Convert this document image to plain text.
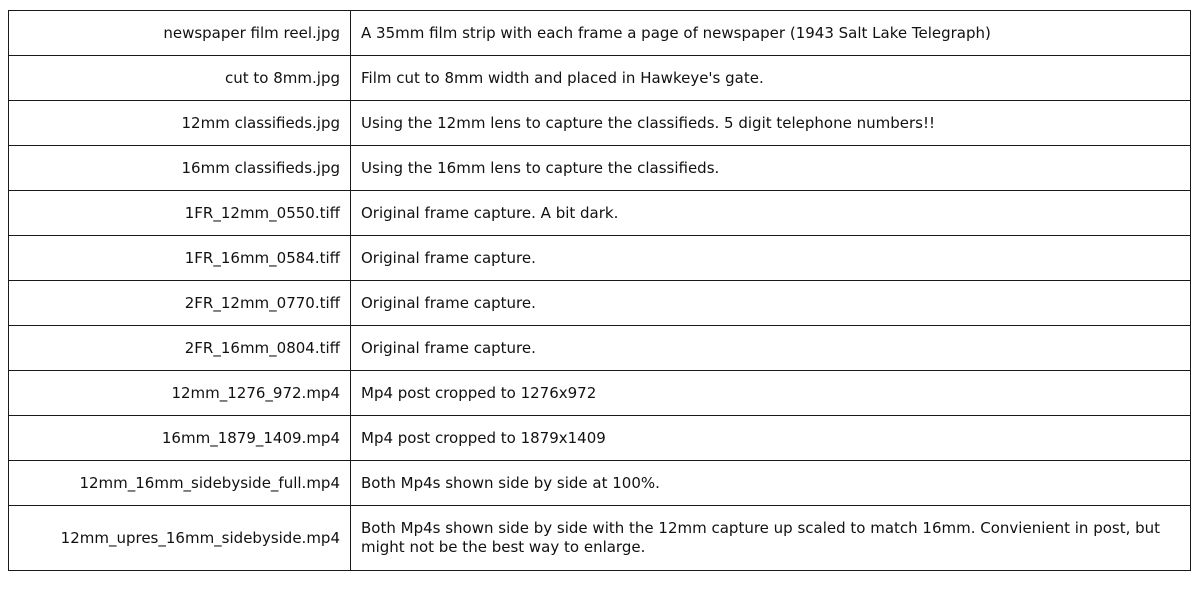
newspaper film reel.jpg	A 35mm film strip with each frame a page of newspaper (1943 Salt Lake Telegraph)
cut to 8mm.jpg	Film cut to 8mm width and placed in Hawkeye's gate.
12mm classifieds.jpg	Using the 12mm lens to capture the classifieds. 5 digit telephone numbers!!
16mm classifieds.jpg	Using the 16mm lens to capture the classifieds.
1FR_12mm_0550.tiff	Original frame capture. A bit dark.
1FR_16mm_0584.tiff	Original frame capture.
2FR_12mm_0770.tiff	Original frame capture.
2FR_16mm_0804.tiff	Original frame capture.
12mm_1276_972.mp4	Mp4 post cropped to 1276x972
16mm_1879_1409.mp4	Mp4 post cropped to 1879x1409
12mm_16mm_sidebyside_full.mp4	Both Mp4s shown side by side at 100%.
12mm_upres_16mm_sidebyside.mp4	Both Mp4s shown side by side with the 12mm capture up scaled to match 16mm. Convienient in post, but might not be the best way to enlarge.
